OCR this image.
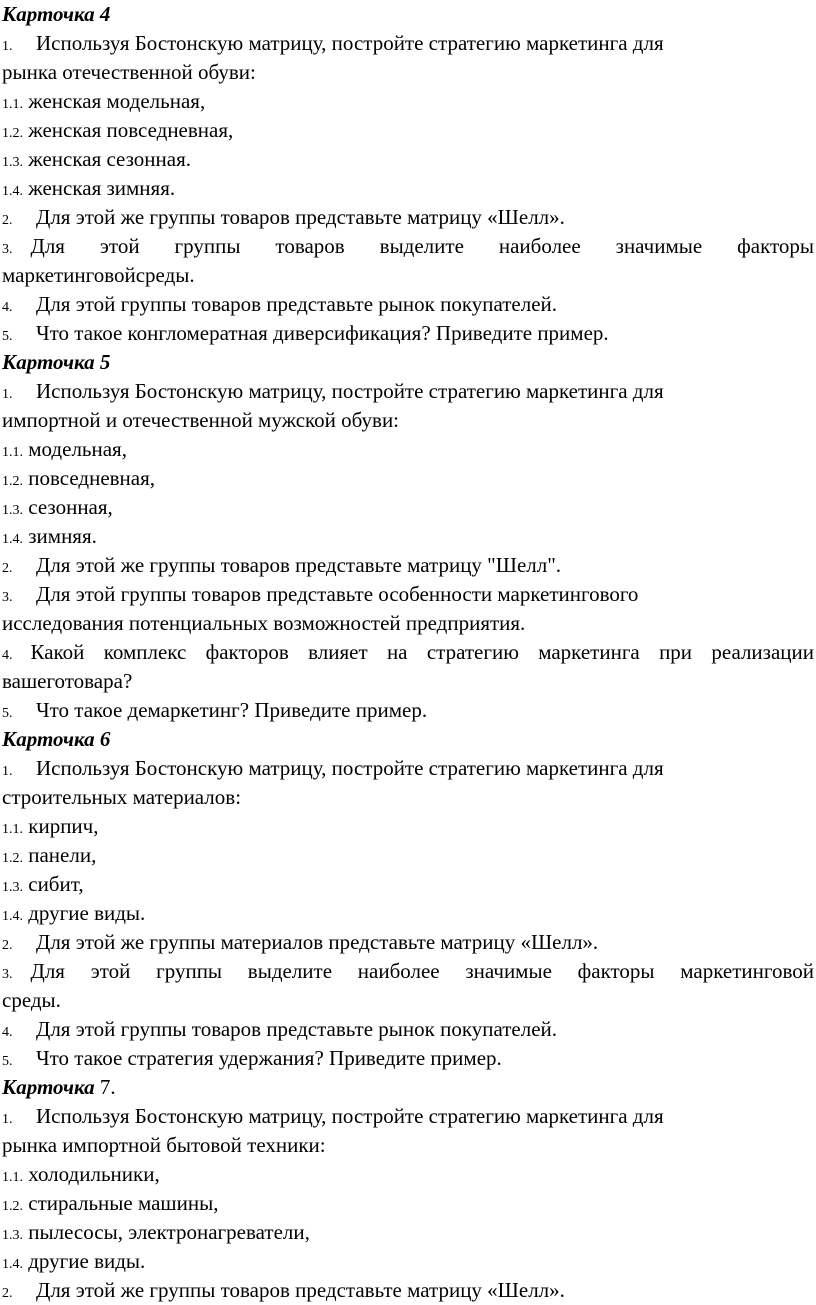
Карточка 4
1. Используя Бостонскую матрицу, постройте стратегию маркетинга для
рынка отечественной обуви:
1.1. женская модельная,
1.2. женская повседневная,
1.3. женская сезонная.
1.4. женская зимняя.
2. Для этой же группы товаров представьте матрицу «Шелл».
3. Для этой группы товаров выделите наиболее значимые факторы
маркетинговойсреды.
4. Для этой группы товаров представьте рынок покупателей.
5. Что такое конгломератная диверсификация? Приведите пример.
Карточка 5
1. Используя Бостонскую матрицу, постройте стратегию маркетинга для
импортной и отечественной мужской обуви:
1.1. модельная,
1.2. повседневная,
1.3. сезонная,
1.4. зимняя.
2. Для этой же группы товаров представьте матрицу "Шелл".
3. Для этой группы товаров представьте особенности маркетингового
исследования потенциальных возможностей предприятия.
4. Какой комплекс факторов влияет на стратегию маркетинга при реализации
вашеготовара?
5. Что такое демаркетинг? Приведите пример.
Карточка 6
1. Используя Бостонскую матрицу, постройте стратегию маркетинга для
строительных материалов:
1.1. кирпич,
1.2. панели,
1.3. сибит,
1.4. другие виды.
2. Для этой же группы материалов представьте матрицу «Шелл».
3. Для этой группы выделите наиболее значимые факторы маркетинговой
среды.
4. Для этой группы товаров представьте рынок покупателей.
5. Что такое стратегия удержания? Приведите пример.
Карточка 7.
1. Используя Бостонскую матрицу, постройте стратегию маркетинга для
рынка импортной бытовой техники:
1.1. холодильники,
1.2. стиральные машины,
1.3. пылесосы, электронагреватели,
1.4. другие виды.
2. Для этой же группы товаров представьте матрицу «Шелл».
